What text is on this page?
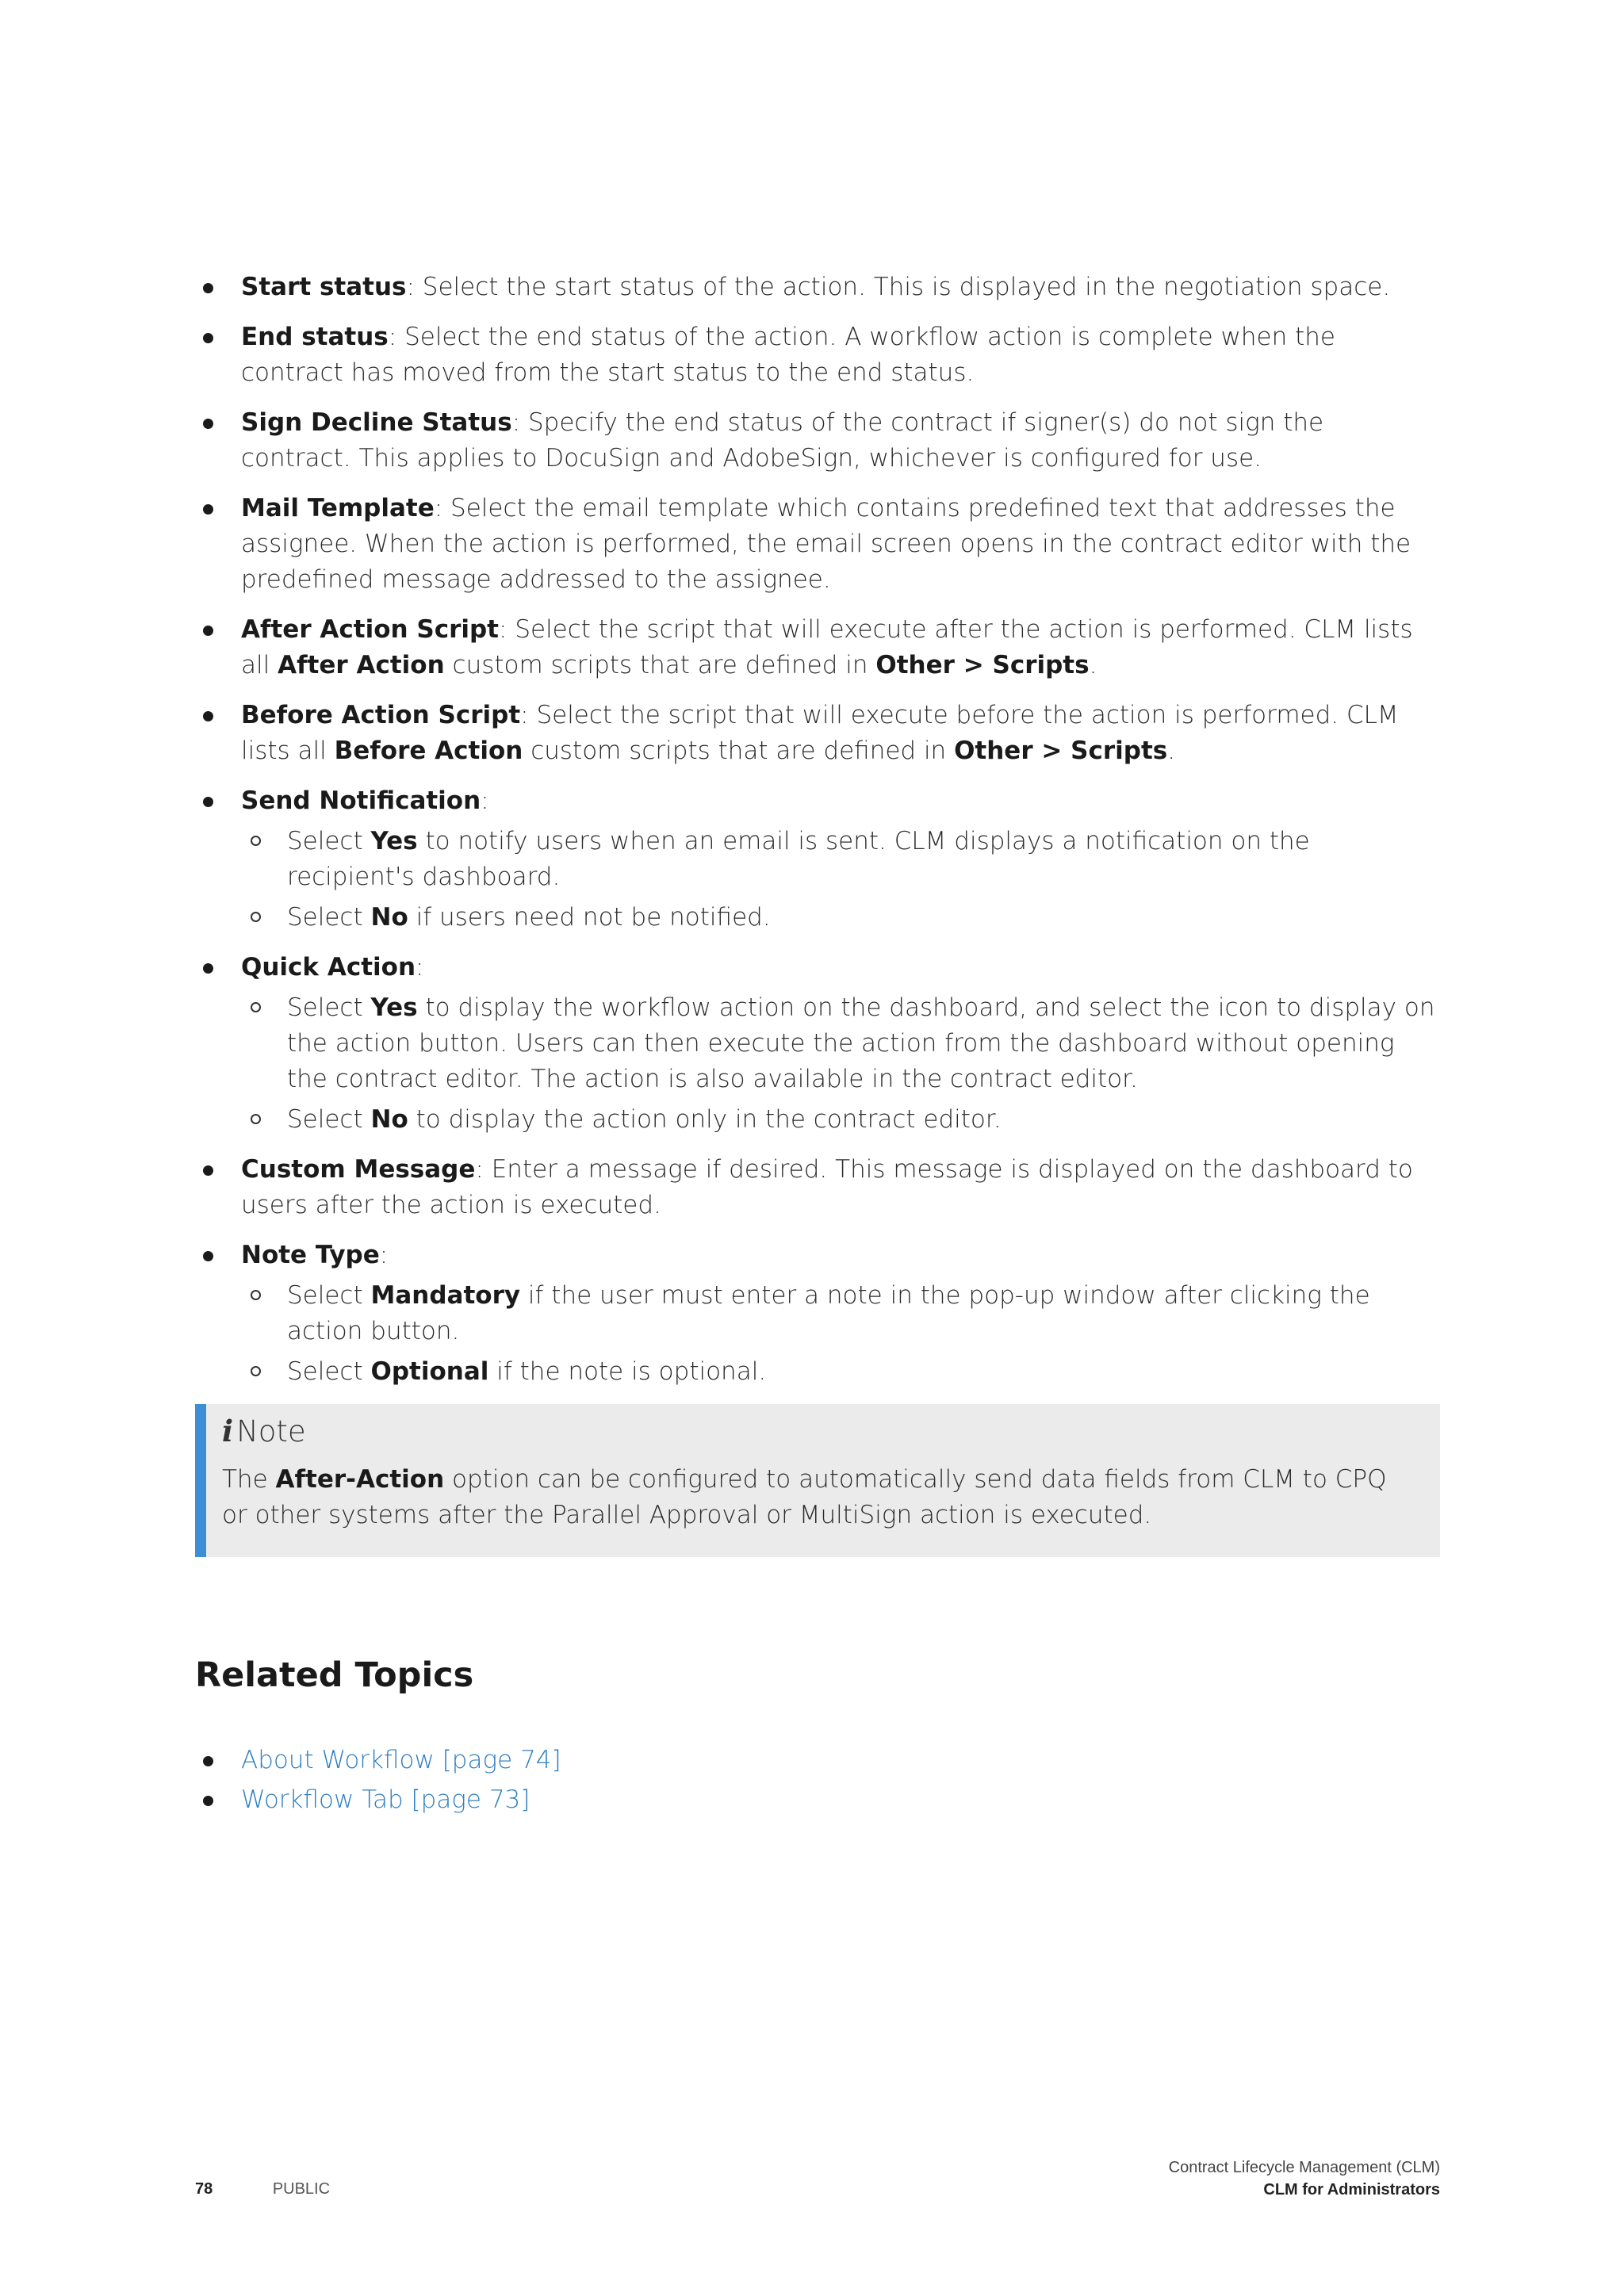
Start status: Select the start status of the action. This is displayed in the negotiation space.
End status: Select the end status of the action. A workflow action is complete when the contract has moved from the start status to the end status.
Sign Decline Status: Specify the end status of the contract if signer(s) do not sign the contract. This applies to DocuSign and AdobeSign, whichever is configured for use.
Mail Template: Select the email template which contains predefined text that addresses the assignee. When the action is performed, the email screen opens in the contract editor with the predefined message addressed to the assignee.
After Action Script: Select the script that will execute after the action is performed. CLM lists all After Action custom scripts that are defined in Other > Scripts.
Before Action Script: Select the script that will execute before the action is performed. CLM lists all Before Action custom scripts that are defined in Other > Scripts.
Send Notification:
Select Yes to notify users when an email is sent. CLM displays a notification on the recipient's dashboard.
Select No if users need not be notified.
Quick Action:
Select Yes to display the workflow action on the dashboard, and select the icon to display on the action button. Users can then execute the action from the dashboard without opening the contract editor. The action is also available in the contract editor.
Select No to display the action only in the contract editor.
Custom Message: Enter a message if desired. This message is displayed on the dashboard to users after the action is executed.
Note Type:
Select Mandatory if the user must enter a note in the pop-up window after clicking the action button.
Select Optional if the note is optional.
i Note
The After-Action option can be configured to automatically send data fields from CLM to CPQ or other systems after the Parallel Approval or MultiSign action is executed.
Related Topics
About Workflow [page 74]
Workflow Tab [page 73]
78	PUBLIC
Contract Lifecycle Management (CLM)
CLM for Administrators
